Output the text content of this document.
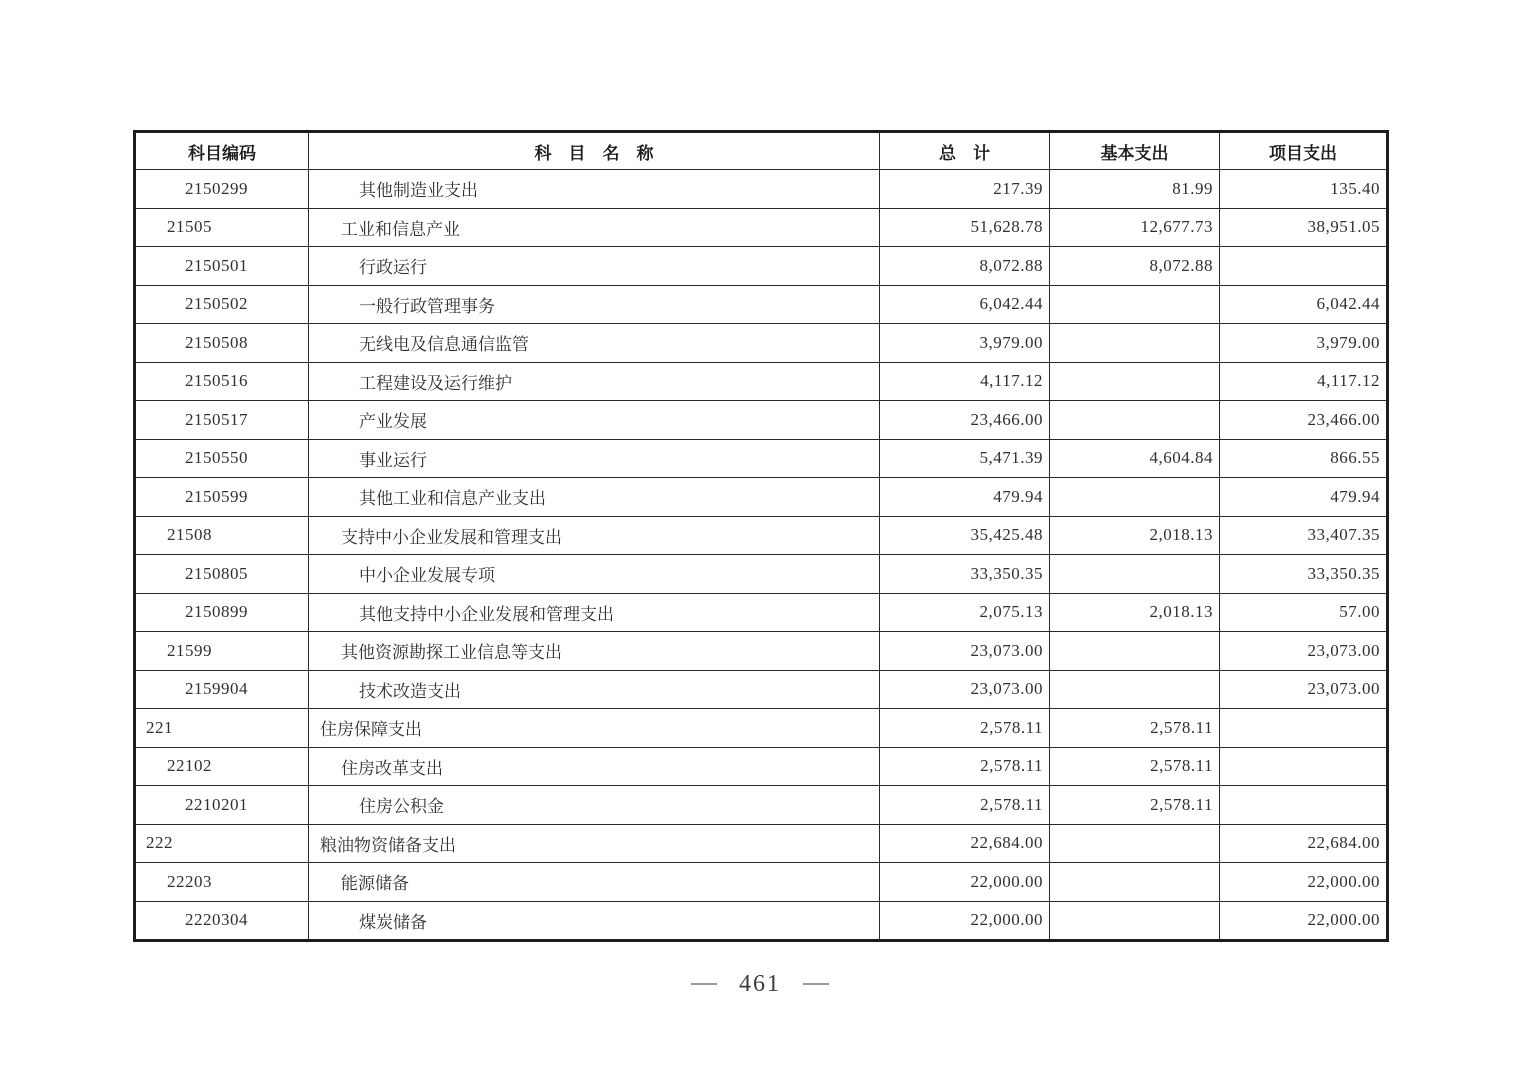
科目编码	科　目　名　称	总　计	基本支出	项目支出
2150299	其他制造业支出	217.39	81.99	135.40
21505	工业和信息产业	51,628.78	12,677.73	38,951.05
2150501	行政运行	8,072.88	8,072.88	
2150502	一般行政管理事务	6,042.44		6,042.44
2150508	无线电及信息通信监管	3,979.00		3,979.00
2150516	工程建设及运行维护	4,117.12		4,117.12
2150517	产业发展	23,466.00		23,466.00
2150550	事业运行	5,471.39	4,604.84	866.55
2150599	其他工业和信息产业支出	479.94		479.94
21508	支持中小企业发展和管理支出	35,425.48	2,018.13	33,407.35
2150805	中小企业发展专项	33,350.35		33,350.35
2150899	其他支持中小企业发展和管理支出	2,075.13	2,018.13	57.00
21599	其他资源勘探工业信息等支出	23,073.00		23,073.00
2159904	技术改造支出	23,073.00		23,073.00
221	住房保障支出	2,578.11	2,578.11	
22102	住房改革支出	2,578.11	2,578.11	
2210201	住房公积金	2,578.11	2,578.11	
222	粮油物资储备支出	22,684.00		22,684.00
22203	能源储备	22,000.00		22,000.00
2220304	煤炭储备	22,000.00		22,000.00
461
